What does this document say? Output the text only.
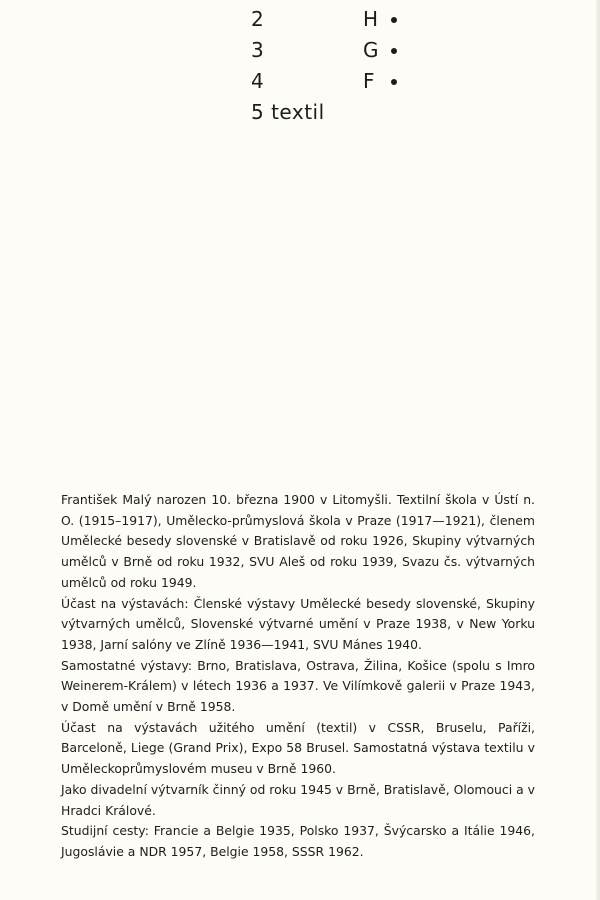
2	H
3	G
4	F
5 textil

František Malý narozen 10. března 1900 v Litomyšli. Textilní škola v Ústí n. O. (1915–1917), Umělecko-průmyslová škola v Praze (1917—1921), členem Umělecké besedy slovenské v Bratislavě od roku 1926, Skupiny výtvarných umělců v Brně od roku 1932, SVU Aleš od roku 1939, Svazu čs. výtvarných umělců od roku 1949.

Účast na výstavách: Členské výstavy Umělecké besedy slovenské, Skupiny výtvarných umělců, Slovenské výtvarné umění v Praze 1938, v New Yorku 1938, Jarní salóny ve Zlíně 1936—1941, SVU Mánes 1940.

Samostatné výstavy: Brno, Bratislava, Ostrava, Žilina, Košice (spolu s Imro Weinerem-Králem) v létech 1936 a 1937. Ve Vilímkově galerii v Praze 1943, v Domě umění v Brně 1958.

Účast na výstavách užitého umění (textil) v CSSR, Bruselu, Paříži, Barceloně, Liege (Grand Prix), Expo 58 Brusel. Samostatná výstava textilu v Uměleckoprůmyslovém museu v Brně 1960.

Jako divadelní výtvarník činný od roku 1945 v Brně, Bratislavě, Olomouci a v Hradci Králové.

Studijní cesty: Francie a Belgie 1935, Polsko 1937, Švýcarsko a Itálie 1946, Jugoslávie a NDR 1957, Belgie 1958, SSSR 1962.
